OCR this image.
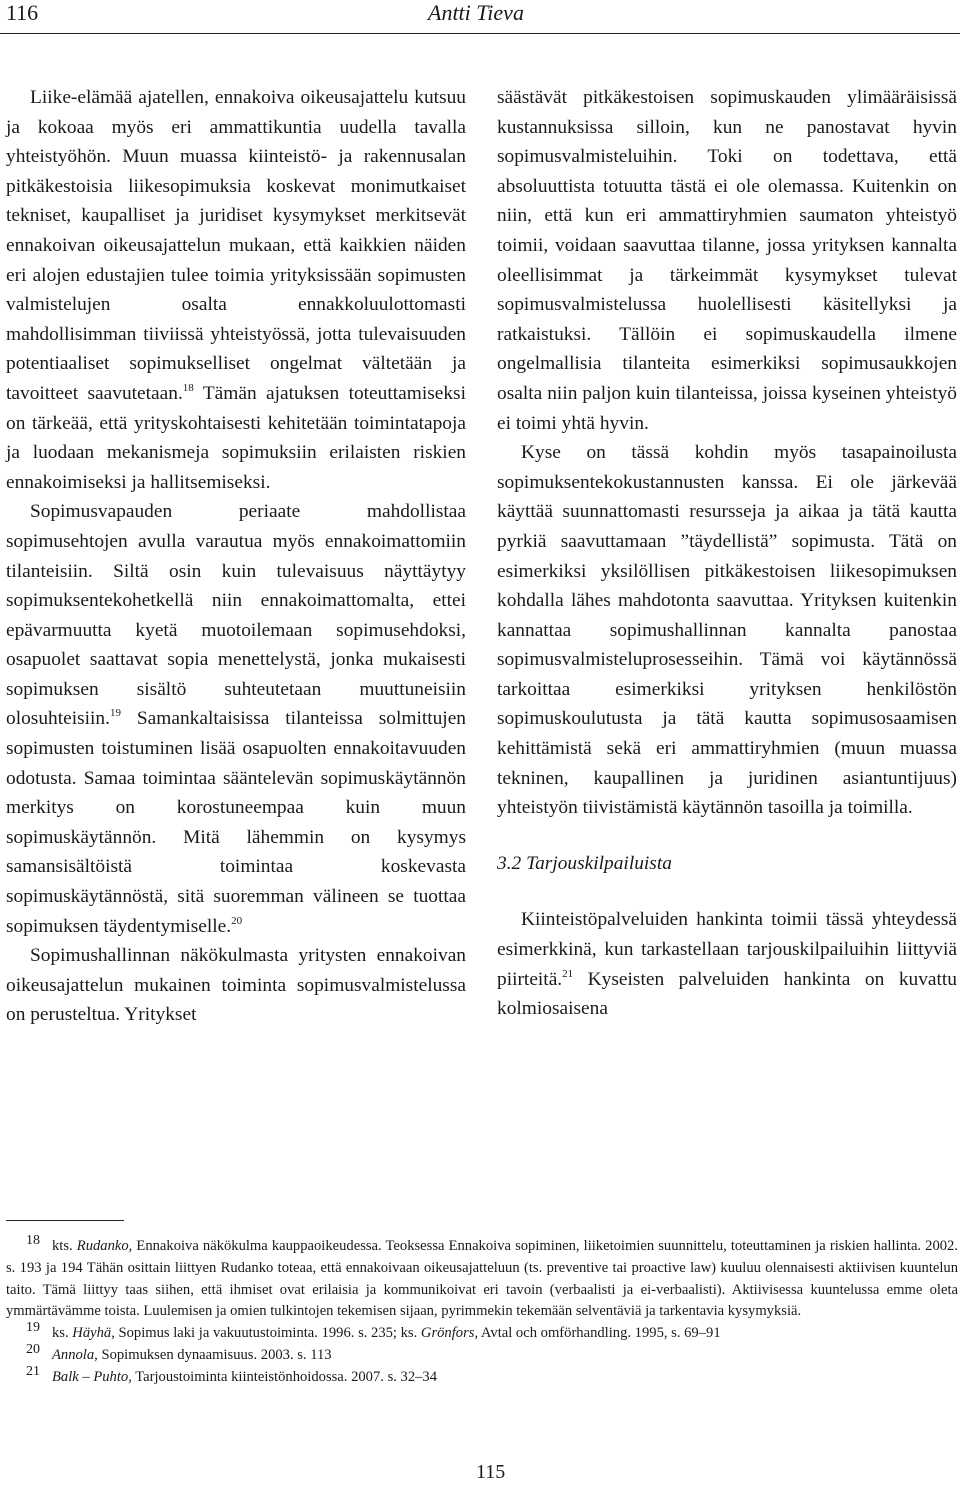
116	Antti Tieva

Liike-elämää ajatellen, ennakoiva oikeusajattelu kutsuu ja kokoaa myös eri ammattikuntia uudella tavalla yhteistyöhön. Muun muassa kiinteistö- ja rakennusalan pitkäkestoisia liikesopimuksia koskevat monimutkaiset tekniset, kaupalliset ja juridiset kysymykset merkitsevät ennakoivan oikeusajattelun mukaan, että kaikkien näiden eri alojen edustajien tulee toimia yrityksissään sopimusten valmistelujen osalta ennakkoluulottomasti mahdollisimman tiiviissä yhteistyössä, jotta tulevaisuuden potentiaaliset sopimukselliset ongelmat vältetään ja tavoitteet saavutetaan.$^{18}$ Tämän ajatuksen toteuttamiseksi on tärkeää, että yrityskohtaisesti kehitetään toimintatapoja ja luodaan mekanismeja sopimuksiin erilaisten riskien ennakoimiseksi ja hallitsemiseksi.

Sopimusvapauden periaate mahdollistaa sopimusehtojen avulla varautua myös ennakoimattomiin tilanteisiin. Siltä osin kuin tulevaisuus näyttäytyy sopimuksentekohetkellä niin ennakoimattomalta, ettei epävarmuutta kyetä muotoilemaan sopimusehdoksi, osapuolet saattavat sopia menettelystä, jonka mukaisesti sopimuksen sisältö suhteutetaan muuttuneisiin olosuhteisiin.$^{19}$ Samankaltaisissa tilanteissa solmittujen sopimusten toistuminen lisää osapuolten ennakoitavuuden odotusta. Samaa toimintaa sääntelevän sopimuskäytännön merkitys on korostuneempaa kuin muun sopimuskäytännön. Mitä lähemmin on kysymys samansisältöistä toimintaa koskevasta sopimuskäytännöstä, sitä suoremman välineen se tuottaa sopimuksen täydentymiselle.$^{20}$

Sopimushallinnan näkökulmasta yritysten ennakoivan oikeusajattelun mukainen toiminta sopimusvalmistelussa on perusteltua. Yritykset

säästävät pitkäkestoisen sopimuskauden ylimääräisissä kustannuksissa silloin, kun ne panostavat hyvin sopimusvalmisteluihin. Toki on todettava, että absoluuttista totuutta tästä ei ole olemassa. Kuitenkin on niin, että kun eri ammattiryhmien saumaton yhteistyö toimii, voidaan saavuttaa tilanne, jossa yrityksen kannalta oleellisimmat ja tärkeimmät kysymykset tulevat sopimusvalmistelussa huolellisesti käsitellyksi ja ratkaistuksi. Tällöin ei sopimuskaudella ilmene ongelmallisia tilanteita esimerkiksi sopimusaukkojen osalta niin paljon kuin tilanteissa, joissa kyseinen yhteistyö ei toimi yhtä hyvin.

Kyse on tässä kohdin myös tasapainoilusta sopimuksentekokustannusten kanssa. Ei ole järkevää käyttää suunnattomasti resursseja ja aikaa ja tätä kautta pyrkiä saavuttamaan ”täydellistä” sopimusta. Tätä on esimerkiksi yksilöllisen pitkäkestoisen liikesopimuksen kohdalla lähes mahdotonta saavuttaa. Yrityksen kuitenkin kannattaa sopimushallinnan kannalta panostaa sopimusvalmisteluprosesseihin. Tämä voi käytännössä tarkoittaa esimerkiksi yrityksen henkilöstön sopimuskoulutusta ja tätä kautta sopimusosaamisen kehittämistä sekä eri ammattiryhmien (muun muassa tekninen, kaupallinen ja juridinen asiantuntijuus) yhteistyön tiivistämistä käytännön tasoilla ja toimilla.

3.2 Tarjouskilpailuista

Kiinteistöpalveluiden hankinta toimii tässä yhteydessä esimerkkinä, kun tarkastellaan tarjouskilpailuihin liittyviä piirteitä.$^{21}$ Kyseisten palveluiden hankinta on kuvattu kolmiosaisena

18 kts. Rudanko, Ennakoiva näkökulma kauppaoikeudessa. Teoksessa Ennakoiva sopiminen, liiketoimien suunnittelu, toteuttaminen ja riskien hallinta. 2002. s. 193 ja 194 Tähän osittain liittyen Rudanko toteaa, että ennakoivaan oikeusajatteluun (ts. preventive tai proactive law) kuuluu olennaisesti aktiivisen kuuntelun taito. Tämä liittyy taas siihen, että ihmiset ovat erilaisia ja kommunikoivat eri tavoin (verbaalisti ja ei-verbaalisti). Aktiivisessa kuuntelussa emme oleta ymmärtävämme toista. Luulemisen ja omien tulkintojen tekemisen sijaan, pyrimmekin tekemään selventäviä ja tarkentavia kysymyksiä.

19 ks. Häyhä, Sopimus laki ja vakuutustoiminta. 1996. s. 235; ks. Grönfors, Avtal och omförhandling. 1995, s. 69–91

20 Annola, Sopimuksen dynaamisuus. 2003. s. 113

21 Balk – Puhto, Tarjoustoiminta kiinteistönhoidossa. 2007. s. 32–34

115
